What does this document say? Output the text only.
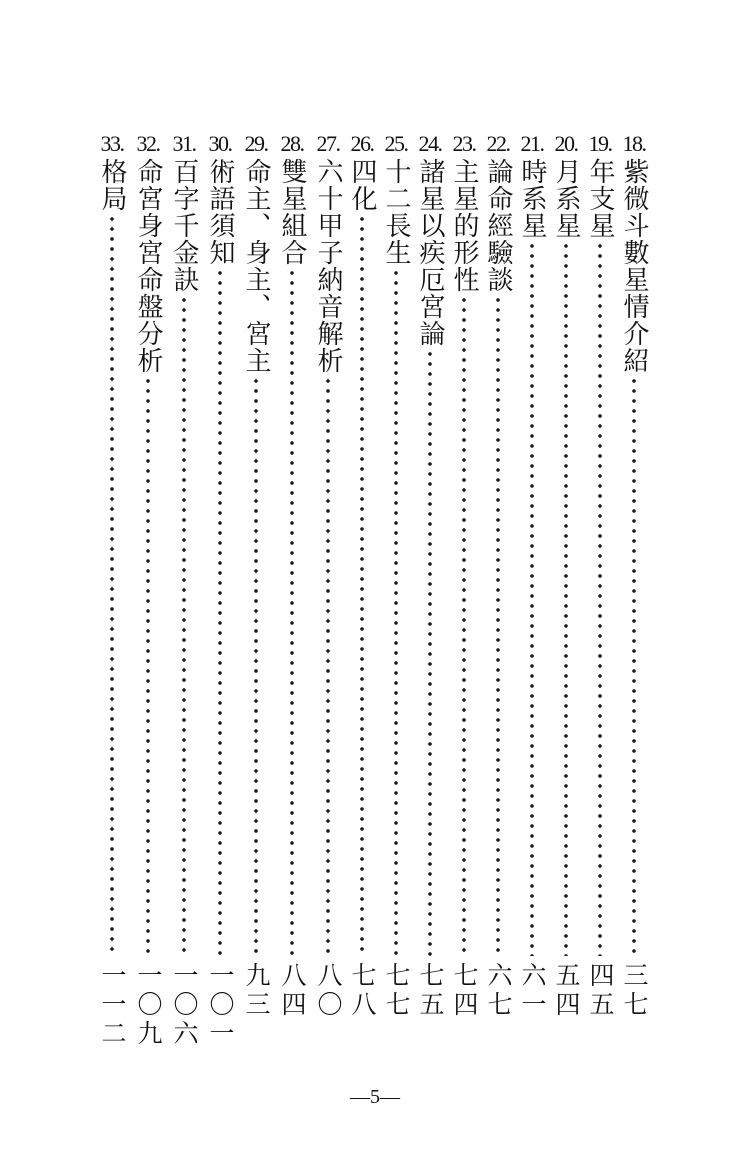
18.
紫微斗數星情介紹
三七
19.
年支星
四五
20.
月系星
五四
21.
時系星
六一
22.
論命經驗談
六七
23.
主星的形性
七四
24.
諸星以疾厄宮論
七五
25.
十二長生
七七
26.
四化
七八
27.
六十甲子納音解析
八〇
28.
雙星組合
八四
29.
命主、身主、宮主
九三
30.
術語須知
一〇一
31.
百字千金訣
一〇六
32.
命宮身宮命盤分析
一〇九
33.
格局
一一二
—5—
